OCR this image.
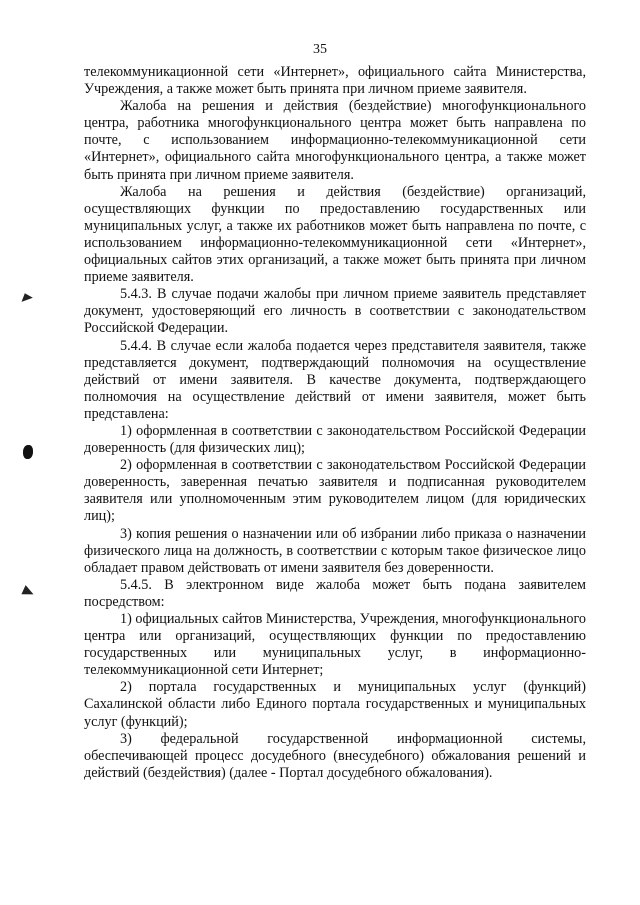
35

телекоммуникационной сети «Интернет», официального сайта Министерства, Учреждения, а также может быть принята при личном приеме заявителя.

Жалоба на решения и действия (бездействие) многофункционального центра, работника многофункционального центра может быть направлена по почте, с использованием информационно-телекоммуникационной сети «Интернет», официального сайта многофункционального центра, а также может быть принята при личном приеме заявителя.

Жалоба на решения и действия (бездействие) организаций, осуществляющих функции по предоставлению государственных или муниципальных услуг, а также их работников может быть направлена по почте, с использованием информационно-телекоммуникационной сети «Интернет», официальных сайтов этих организаций, а также может быть принята при личном приеме заявителя.

5.4.3. В случае подачи жалобы при личном приеме заявитель представляет документ, удостоверяющий его личность в соответствии с законодательством Российской Федерации.

5.4.4. В случае если жалоба подается через представителя заявителя, также представляется документ, подтверждающий полномочия на осуществление действий от имени заявителя. В качестве документа, подтверждающего полномочия на осуществление действий от имени заявителя, может быть представлена:

1) оформленная в соответствии с законодательством Российской Федерации доверенность (для физических лиц);

2) оформленная в соответствии с законодательством Российской Федерации доверенность, заверенная печатью заявителя и подписанная руководителем заявителя или уполномоченным этим руководителем лицом (для юридических лиц);

3) копия решения о назначении или об избрании либо приказа о назначении физического лица на должность, в соответствии с которым такое физическое лицо обладает правом действовать от имени заявителя без доверенности.

5.4.5. В электронном виде жалоба может быть подана заявителем посредством:

1) официальных сайтов Министерства, Учреждения, многофункционального центра или организаций, осуществляющих функции по предоставлению государственных или муниципальных услуг, в информационно-телекоммуникационной сети Интернет;

2) портала государственных и муниципальных услуг (функций) Сахалинской области либо Единого портала государственных и муниципальных услуг (функций);

3) федеральной государственной информационной системы, обеспечивающей процесс досудебного (внесудебного) обжалования решений и действий (бездействия) (далее - Портал досудебного обжалования).
